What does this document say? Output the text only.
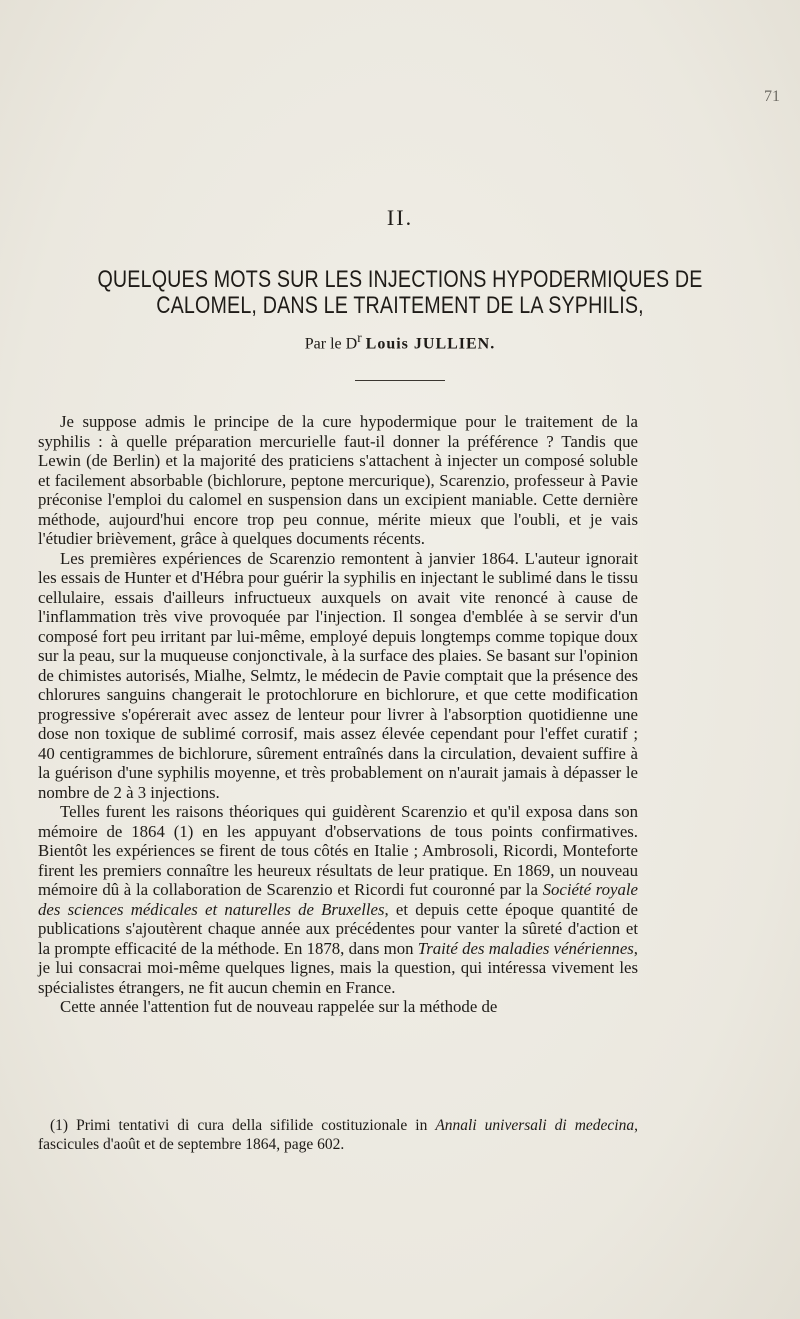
71
II.
QUELQUES MOTS SUR LES INJECTIONS HYPODERMIQUES DE
CALOMEL, DANS LE TRAITEMENT DE LA SYPHILIS,
Par le $D^r$ Louis JULLIEN.

Je suppose admis le principe de la cure hypodermique pour le traitement de la syphilis : à quelle préparation mercurielle faut-il donner la préférence ? Tandis que Lewin (de Berlin) et la majorité des praticiens s'attachent à injecter un composé soluble et facilement absorbable (bichlorure, peptone mercurique), Scarenzio, professeur à Pavie préconise l'emploi du calomel en suspension dans un excipient maniable. Cette dernière méthode, aujourd'hui encore trop peu connue, mérite mieux que l'oubli, et je vais l'étudier brièvement, grâce à quelques documents récents.

Les premières expériences de Scarenzio remontent à janvier 1864. L'auteur ignorait les essais de Hunter et d'Hébra pour guérir la syphilis en injectant le sublimé dans le tissu cellulaire, essais d'ailleurs infructueux auxquels on avait vite renoncé à cause de l'inflammation très vive provoquée par l'injection. Il songea d'emblée à se servir d'un composé fort peu irritant par lui-même, employé depuis longtemps comme topique doux sur la peau, sur la muqueuse conjonctivale, à la surface des plaies. Se basant sur l'opinion de chimistes autorisés, Mialhe, Selmtz, le médecin de Pavie comptait que la présence des chlorures sanguins changerait le protochlorure en bichlorure, et que cette modification progressive s'opérerait avec assez de lenteur pour livrer à l'absorption quotidienne une dose non toxique de sublimé corrosif, mais assez élevée cependant pour l'effet curatif ; 40 centigrammes de bichlorure, sûrement entraînés dans la circulation, devaient suffire à la guérison d'une syphilis moyenne, et très probablement on n'aurait jamais à dépasser le nombre de 2 à 3 injections.

Telles furent les raisons théoriques qui guidèrent Scarenzio et qu'il exposa dans son mémoire de 1864 (1) en les appuyant d'observations de tous points confirmatives. Bientôt les expériences se firent de tous côtés en Italie ; Ambrosoli, Ricordi, Monteforte firent les premiers connaître les heureux résultats de leur pratique. En 1869, un nouveau mémoire dû à la collaboration de Scarenzio et Ricordi fut couronné par la Société royale des sciences médicales et naturelles de Bruxelles, et depuis cette époque quantité de publications s'ajoutèrent chaque année aux précédentes pour vanter la sûreté d'action et la prompte efficacité de la méthode. En 1878, dans mon Traité des maladies vénériennes, je lui consacrai moi-même quelques lignes, mais la question, qui intéressa vivement les spécialistes étrangers, ne fit aucun chemin en France.

Cette année l'attention fut de nouveau rappelée sur la méthode de

(1) Primi tentativi di cura della sifilide costituzionale in Annali universali di medecina, fascicules d'août et de septembre 1864, page 602.
